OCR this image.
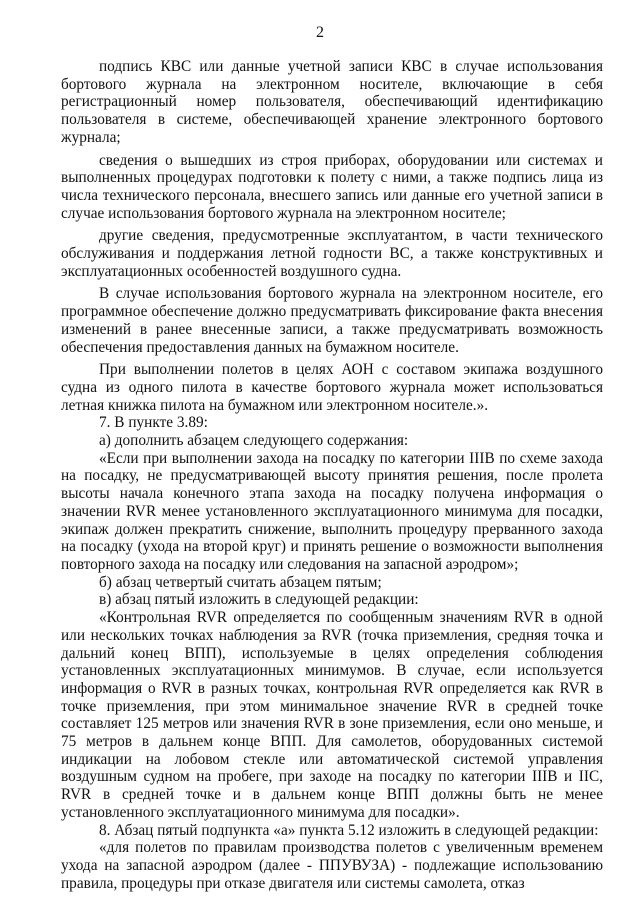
2

подпись КВС или данные учетной записи КВС в случае использования бортового журнала на электронном носителе, включающие в себя регистрационный номер пользователя, обеспечивающий идентификацию пользователя в системе, обеспечивающей хранение электронного бортового журнала;

сведения о вышедших из строя приборах, оборудовании или системах и выполненных процедурах подготовки к полету с ними, а также подпись лица из числа технического персонала, внесшего запись или данные его учетной записи в случае использования бортового журнала на электронном носителе;

другие сведения, предусмотренные эксплуатантом, в части технического обслуживания и поддержания летной годности ВС, а также конструктивных и эксплуатационных особенностей воздушного судна.

В случае использования бортового журнала на электронном носителе, его программное обеспечение должно предусматривать фиксирование факта внесения изменений в ранее внесенные записи, а также предусматривать возможность обеспечения предоставления данных на бумажном носителе.

При выполнении полетов в целях АОН с составом экипажа воздушного судна из одного пилота в качестве бортового журнала может использоваться летная книжка пилота на бумажном или электронном носителе.».

7. В пункте 3.89:

а) дополнить абзацем следующего содержания:

«Если при выполнении захода на посадку по категории IIIВ по схеме захода на посадку, не предусматривающей высоту принятия решения, после пролета высоты начала конечного этапа захода на посадку получена информация о значении RVR менее установленного эксплуатационного минимума для посадки, экипаж должен прекратить снижение, выполнить процедуру прерванного захода на посадку (ухода на второй круг) и принять решение о возможности выполнения повторного захода на посадку или следования на запасной аэродром»;

б) абзац четвертый считать абзацем пятым;

в) абзац пятый изложить в следующей редакции:

«Контрольная RVR определяется по сообщенным значениям RVR в одной или нескольких точках наблюдения за RVR (точка приземления, средняя точка и дальний конец ВПП), используемые в целях определения соблюдения установленных эксплуатационных минимумов. В случае, если используется информация о RVR в разных точках, контрольная RVR определяется как RVR в точке приземления, при этом минимальное значение RVR в средней точке составляет 125 метров или значения RVR в зоне приземления, если оно меньше, и 75 метров в дальнем конце ВПП. Для самолетов, оборудованных системой индикации на лобовом стекле или автоматической системой управления воздушным судном на пробеге, при заходе на посадку по категории IIIВ и IIС, RVR в средней точке и в дальнем конце ВПП должны быть не менее установленного эксплуатационного минимума для посадки».

8. Абзац пятый подпункта «а» пункта 5.12 изложить в следующей редакции:

«для полетов по правилам производства полетов с увеличенным временем ухода на запасной аэродром (далее - ППУВУЗА) - подлежащие использованию правила, процедуры при отказе двигателя или системы самолета, отказ
